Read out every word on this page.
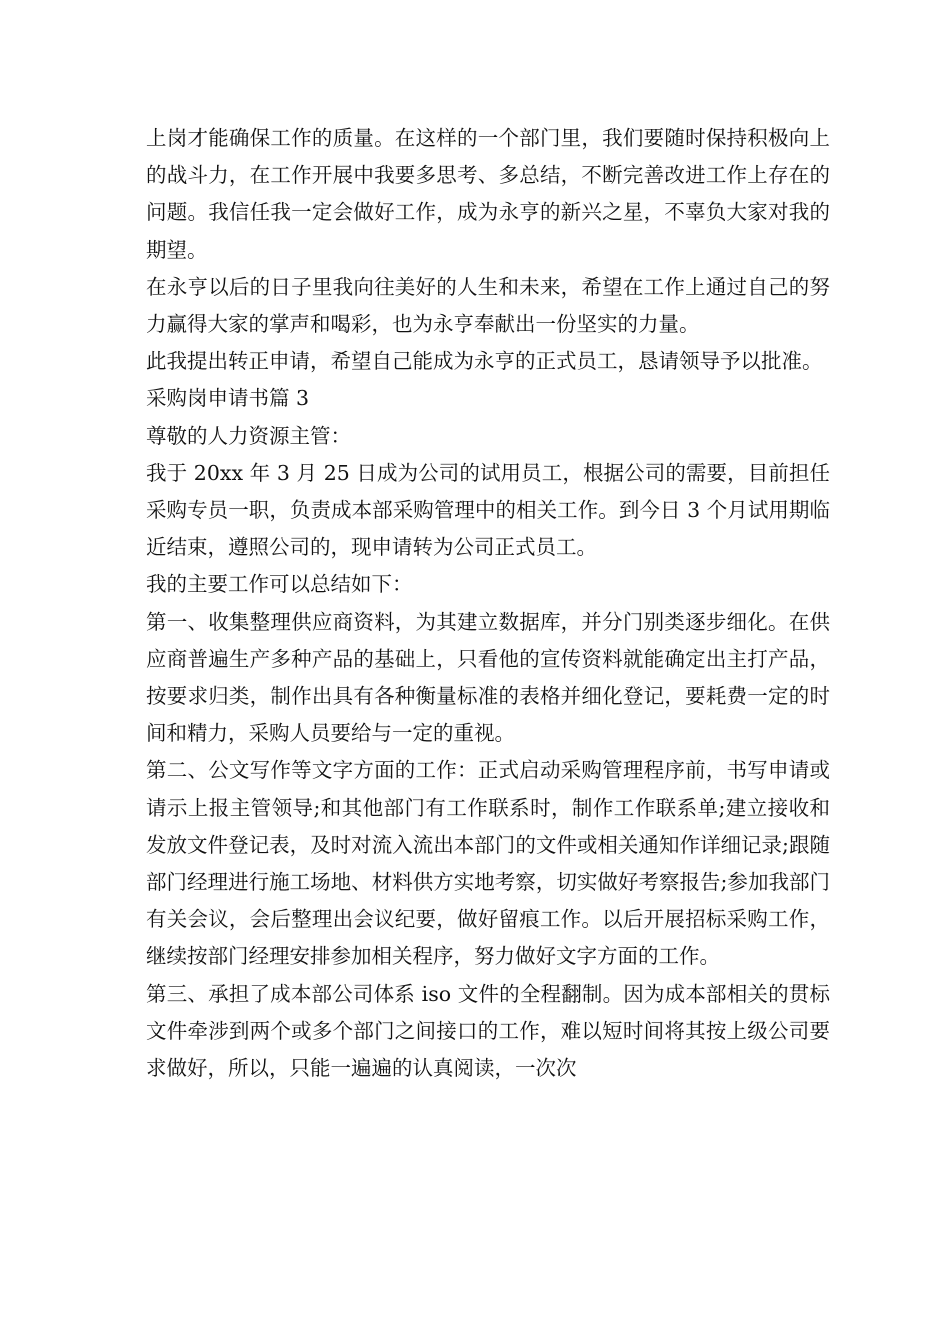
上岗才能确保工作的质量。在这样的一个部门里，我们要随时保持积极向上的战斗力，在工作开展中我要多思考、多总结，不断完善改进工作上存在的问题。我信任我一定会做好工作，成为永亨的新兴之星，不辜负大家对我的期望。

在永亨以后的日子里我向往美好的人生和未来，希望在工作上通过自己的努力赢得大家的掌声和喝彩，也为永亨奉献出一份坚实的力量。

此我提出转正申请，希望自己能成为永亨的正式员工，恳请领导予以批准。

采购岗申请书篇 3

尊敬的人力资源主管：

我于 20xx 年 3 月 25 日成为公司的试用员工，根据公司的需要，目前担任采购专员一职，负责成本部采购管理中的相关工作。到今日 3 个月试用期临近结束，遵照公司的，现申请转为公司正式员工。

我的主要工作可以总结如下：

第一、收集整理供应商资料，为其建立数据库，并分门别类逐步细化。在供应商普遍生产多种产品的基础上，只看他的宣传资料就能确定出主打产品，按要求归类，制作出具有各种衡量标准的表格并细化登记，要耗费一定的时间和精力，采购人员要给与一定的重视。

第二、公文写作等文字方面的工作：正式启动采购管理程序前，书写申请或请示上报主管领导;和其他部门有工作联系时，制作工作联系单;建立接收和发放文件登记表，及时对流入流出本部门的文件或相关通知作详细记录;跟随部门经理进行施工场地、材料供方实地考察，切实做好考察报告;参加我部门有关会议，会后整理出会议纪要，做好留痕工作。以后开展招标采购工作，继续按部门经理安排参加相关程序，努力做好文字方面的工作。

第三、承担了成本部公司体系 iso 文件的全程翻制。因为成本部相关的贯标文件牵涉到两个或多个部门之间接口的工作，难以短时间将其按上级公司要求做好，所以，只能一遍遍的认真阅读，一次次
